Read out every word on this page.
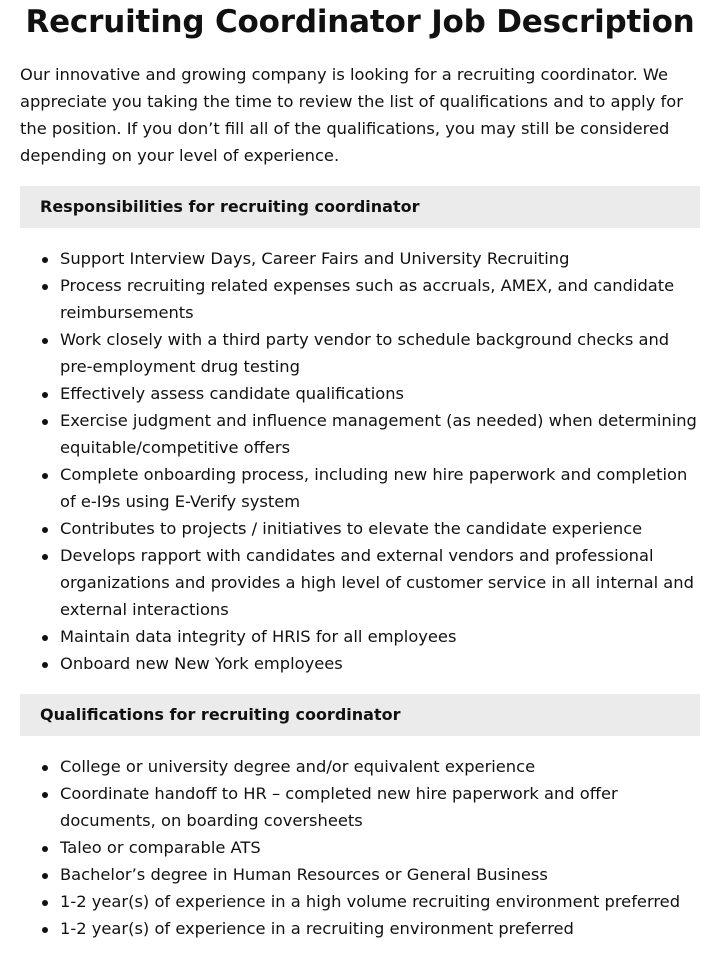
Recruiting Coordinator Job Description

Our innovative and growing company is looking for a recruiting coordinator. We appreciate you taking the time to review the list of qualifications and to apply for the position. If you don’t fill all of the qualifications, you may still be considered depending on your level of experience.

Responsibilities for recruiting coordinator
Support Interview Days, Career Fairs and University Recruiting
Process recruiting related expenses such as accruals, AMEX, and candidate reimbursements
Work closely with a third party vendor to schedule background checks and pre-employment drug testing
Effectively assess candidate qualifications
Exercise judgment and influence management (as needed) when determining equitable/competitive offers
Complete onboarding process, including new hire paperwork and completion of e-I9s using E-Verify system
Contributes to projects / initiatives to elevate the candidate experience
Develops rapport with candidates and external vendors and professional organizations and provides a high level of customer service in all internal and external interactions
Maintain data integrity of HRIS for all employees
Onboard new New York employees
Qualifications for recruiting coordinator
College or university degree and/or equivalent experience
Coordinate handoff to HR – completed new hire paperwork and offer documents, on boarding coversheets
Taleo or comparable ATS
Bachelor’s degree in Human Resources or General Business
1-2 year(s) of experience in a high volume recruiting environment preferred
1-2 year(s) of experience in a recruiting environment preferred
